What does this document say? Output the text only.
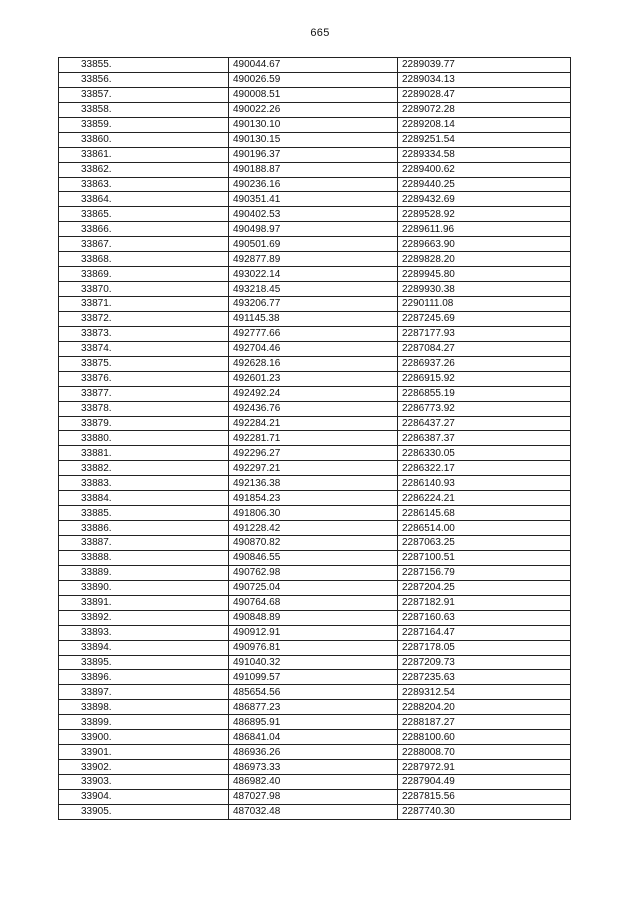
665
33855.	490044.67	2289039.77
33856.	490026.59	2289034.13
33857.	490008.51	2289028.47
33858.	490022.26	2289072.28
33859.	490130.10	2289208.14
33860.	490130.15	2289251.54
33861.	490196.37	2289334.58
33862.	490188.87	2289400.62
33863.	490236.16	2289440.25
33864.	490351.41	2289432.69
33865.	490402.53	2289528.92
33866.	490498.97	2289611.96
33867.	490501.69	2289663.90
33868.	492877.89	2289828.20
33869.	493022.14	2289945.80
33870.	493218.45	2289930.38
33871.	493206.77	2290111.08
33872.	491145.38	2287245.69
33873.	492777.66	2287177.93
33874.	492704.46	2287084.27
33875.	492628.16	2286937.26
33876.	492601.23	2286915.92
33877.	492492.24	2286855.19
33878.	492436.76	2286773.92
33879.	492284.21	2286437.27
33880.	492281.71	2286387.37
33881.	492296.27	2286330.05
33882.	492297.21	2286322.17
33883.	492136.38	2286140.93
33884.	491854.23	2286224.21
33885.	491806.30	2286145.68
33886.	491228.42	2286514.00
33887.	490870.82	2287063.25
33888.	490846.55	2287100.51
33889.	490762.98	2287156.79
33890.	490725.04	2287204.25
33891.	490764.68	2287182.91
33892.	490848.89	2287160.63
33893.	490912.91	2287164.47
33894.	490976.81	2287178.05
33895.	491040.32	2287209.73
33896.	491099.57	2287235.63
33897.	485654.56	2289312.54
33898.	486877.23	2288204.20
33899.	486895.91	2288187.27
33900.	486841.04	2288100.60
33901.	486936.26	2288008.70
33902.	486973.33	2287972.91
33903.	486982.40	2287904.49
33904.	487027.98	2287815.56
33905.	487032.48	2287740.30
